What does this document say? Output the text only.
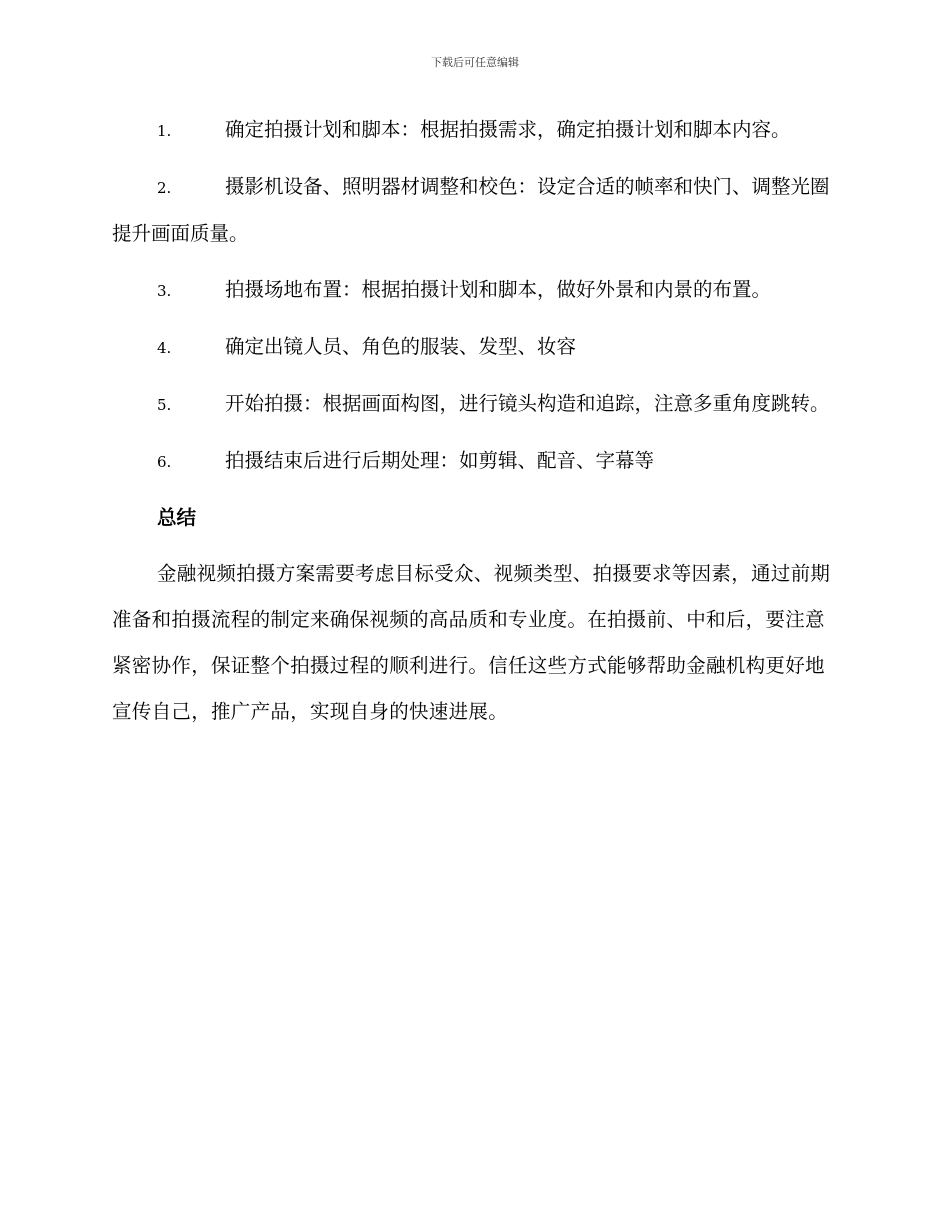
下载后可任意编辑

1.	确定拍摄计划和脚本：根据拍摄需求，确定拍摄计划和脚本内容。

2.	摄影机设备、照明器材调整和校色：设定合适的帧率和快门、调整光圈提升画面质量。

3.	拍摄场地布置：根据拍摄计划和脚本，做好外景和内景的布置。

4.	确定出镜人员、角色的服装、发型、妆容

5.	开始拍摄：根据画面构图，进行镜头构造和追踪，注意多重角度跳转。

6.	拍摄结束后进行后期处理：如剪辑、配音、字幕等

总结

金融视频拍摄方案需要考虑目标受众、视频类型、拍摄要求等因素，通过前期准备和拍摄流程的制定来确保视频的高品质和专业度。在拍摄前、中和后，要注意紧密协作，保证整个拍摄过程的顺利进行。信任这些方式能够帮助金融机构更好地宣传自己，推广产品，实现自身的快速进展。
